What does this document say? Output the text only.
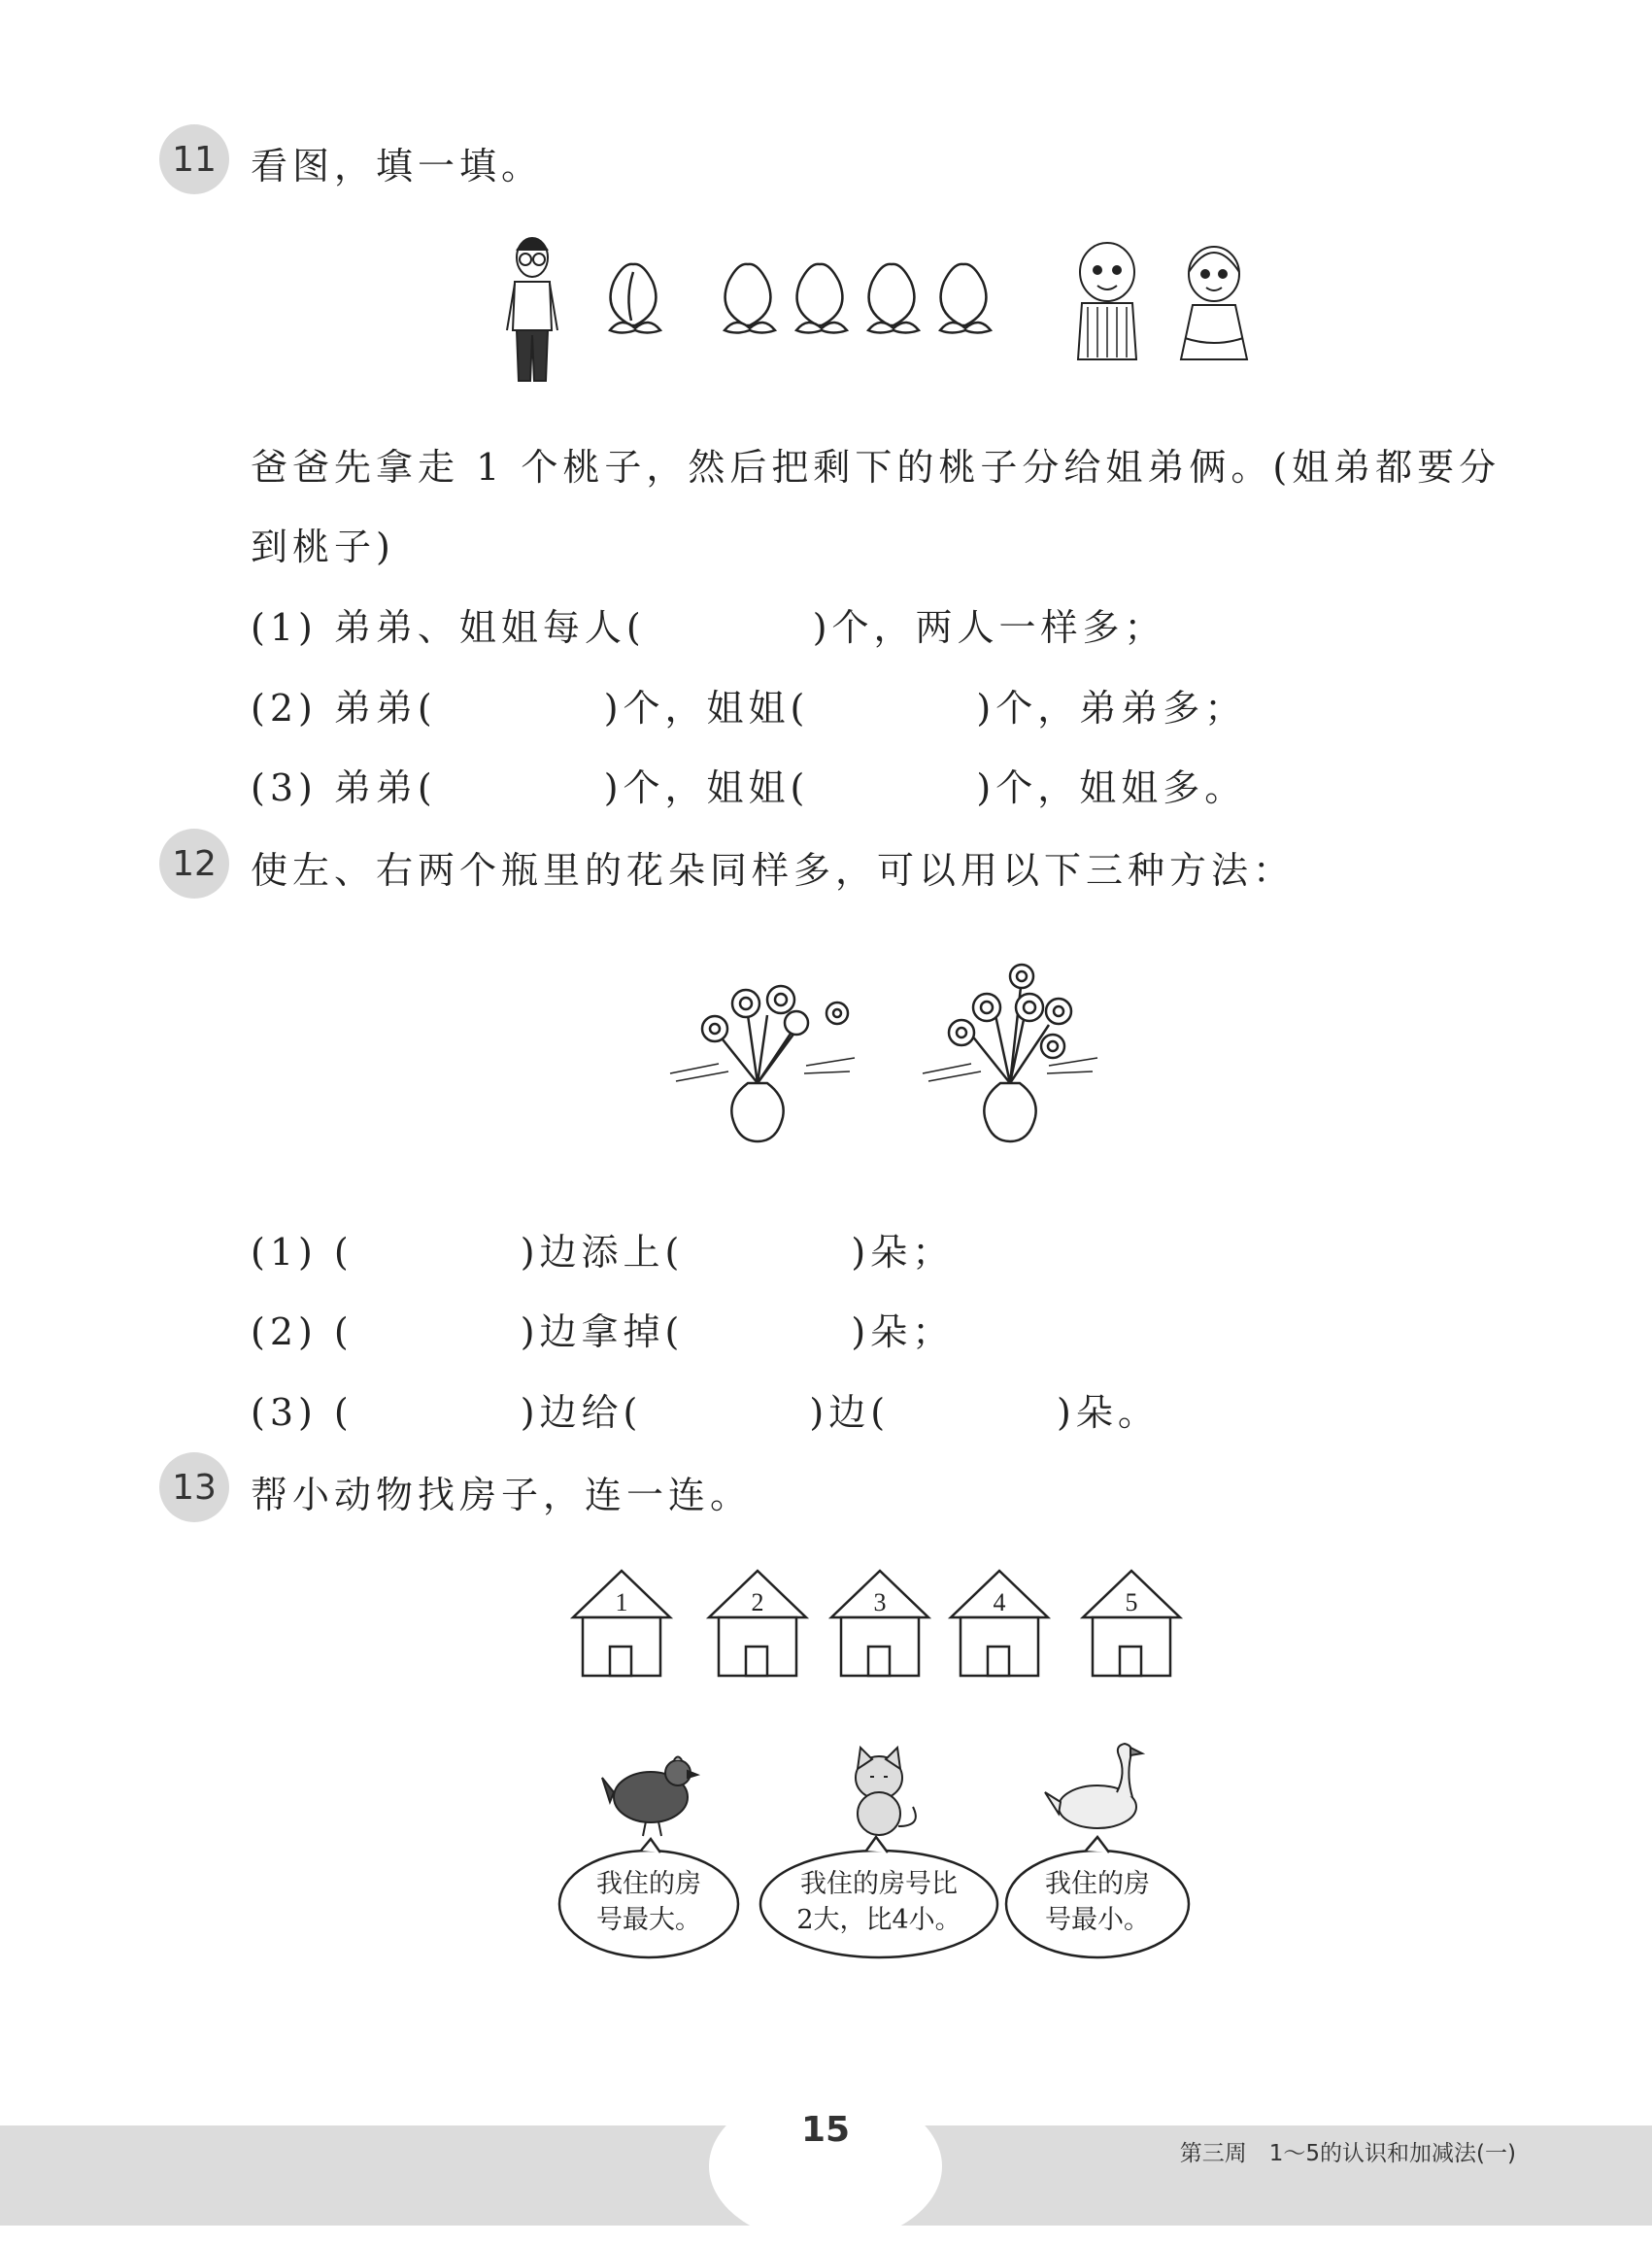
11 看图，填一填。
爸爸先拿走 1 个桃子，然后把剩下的桃子分给姐弟俩。(姐弟都要分
到桃子)
(1) 弟弟、姐姐每人(　　　　)个，两人一样多；
(2) 弟弟(　　　　)个，姐姐(　　　　)个，弟弟多；
(3) 弟弟(　　　　)个，姐姐(　　　　)个，姐姐多。
12 使左、右两个瓶里的花朵同样多，可以用以下三种方法：
(1) (　　　　)边添上(　　　　)朵；
(2) (　　　　)边拿掉(　　　　)朵；
(3) (　　　　)边给(　　　　)边(　　　　)朵。
13 帮小动物找房子，连一连。
1	2	3	4	5
我住的房
号最大。
我住的房号比
2大，比4小。
我住的房
号最小。
15
第三周　1～5的认识和加减法(一)
